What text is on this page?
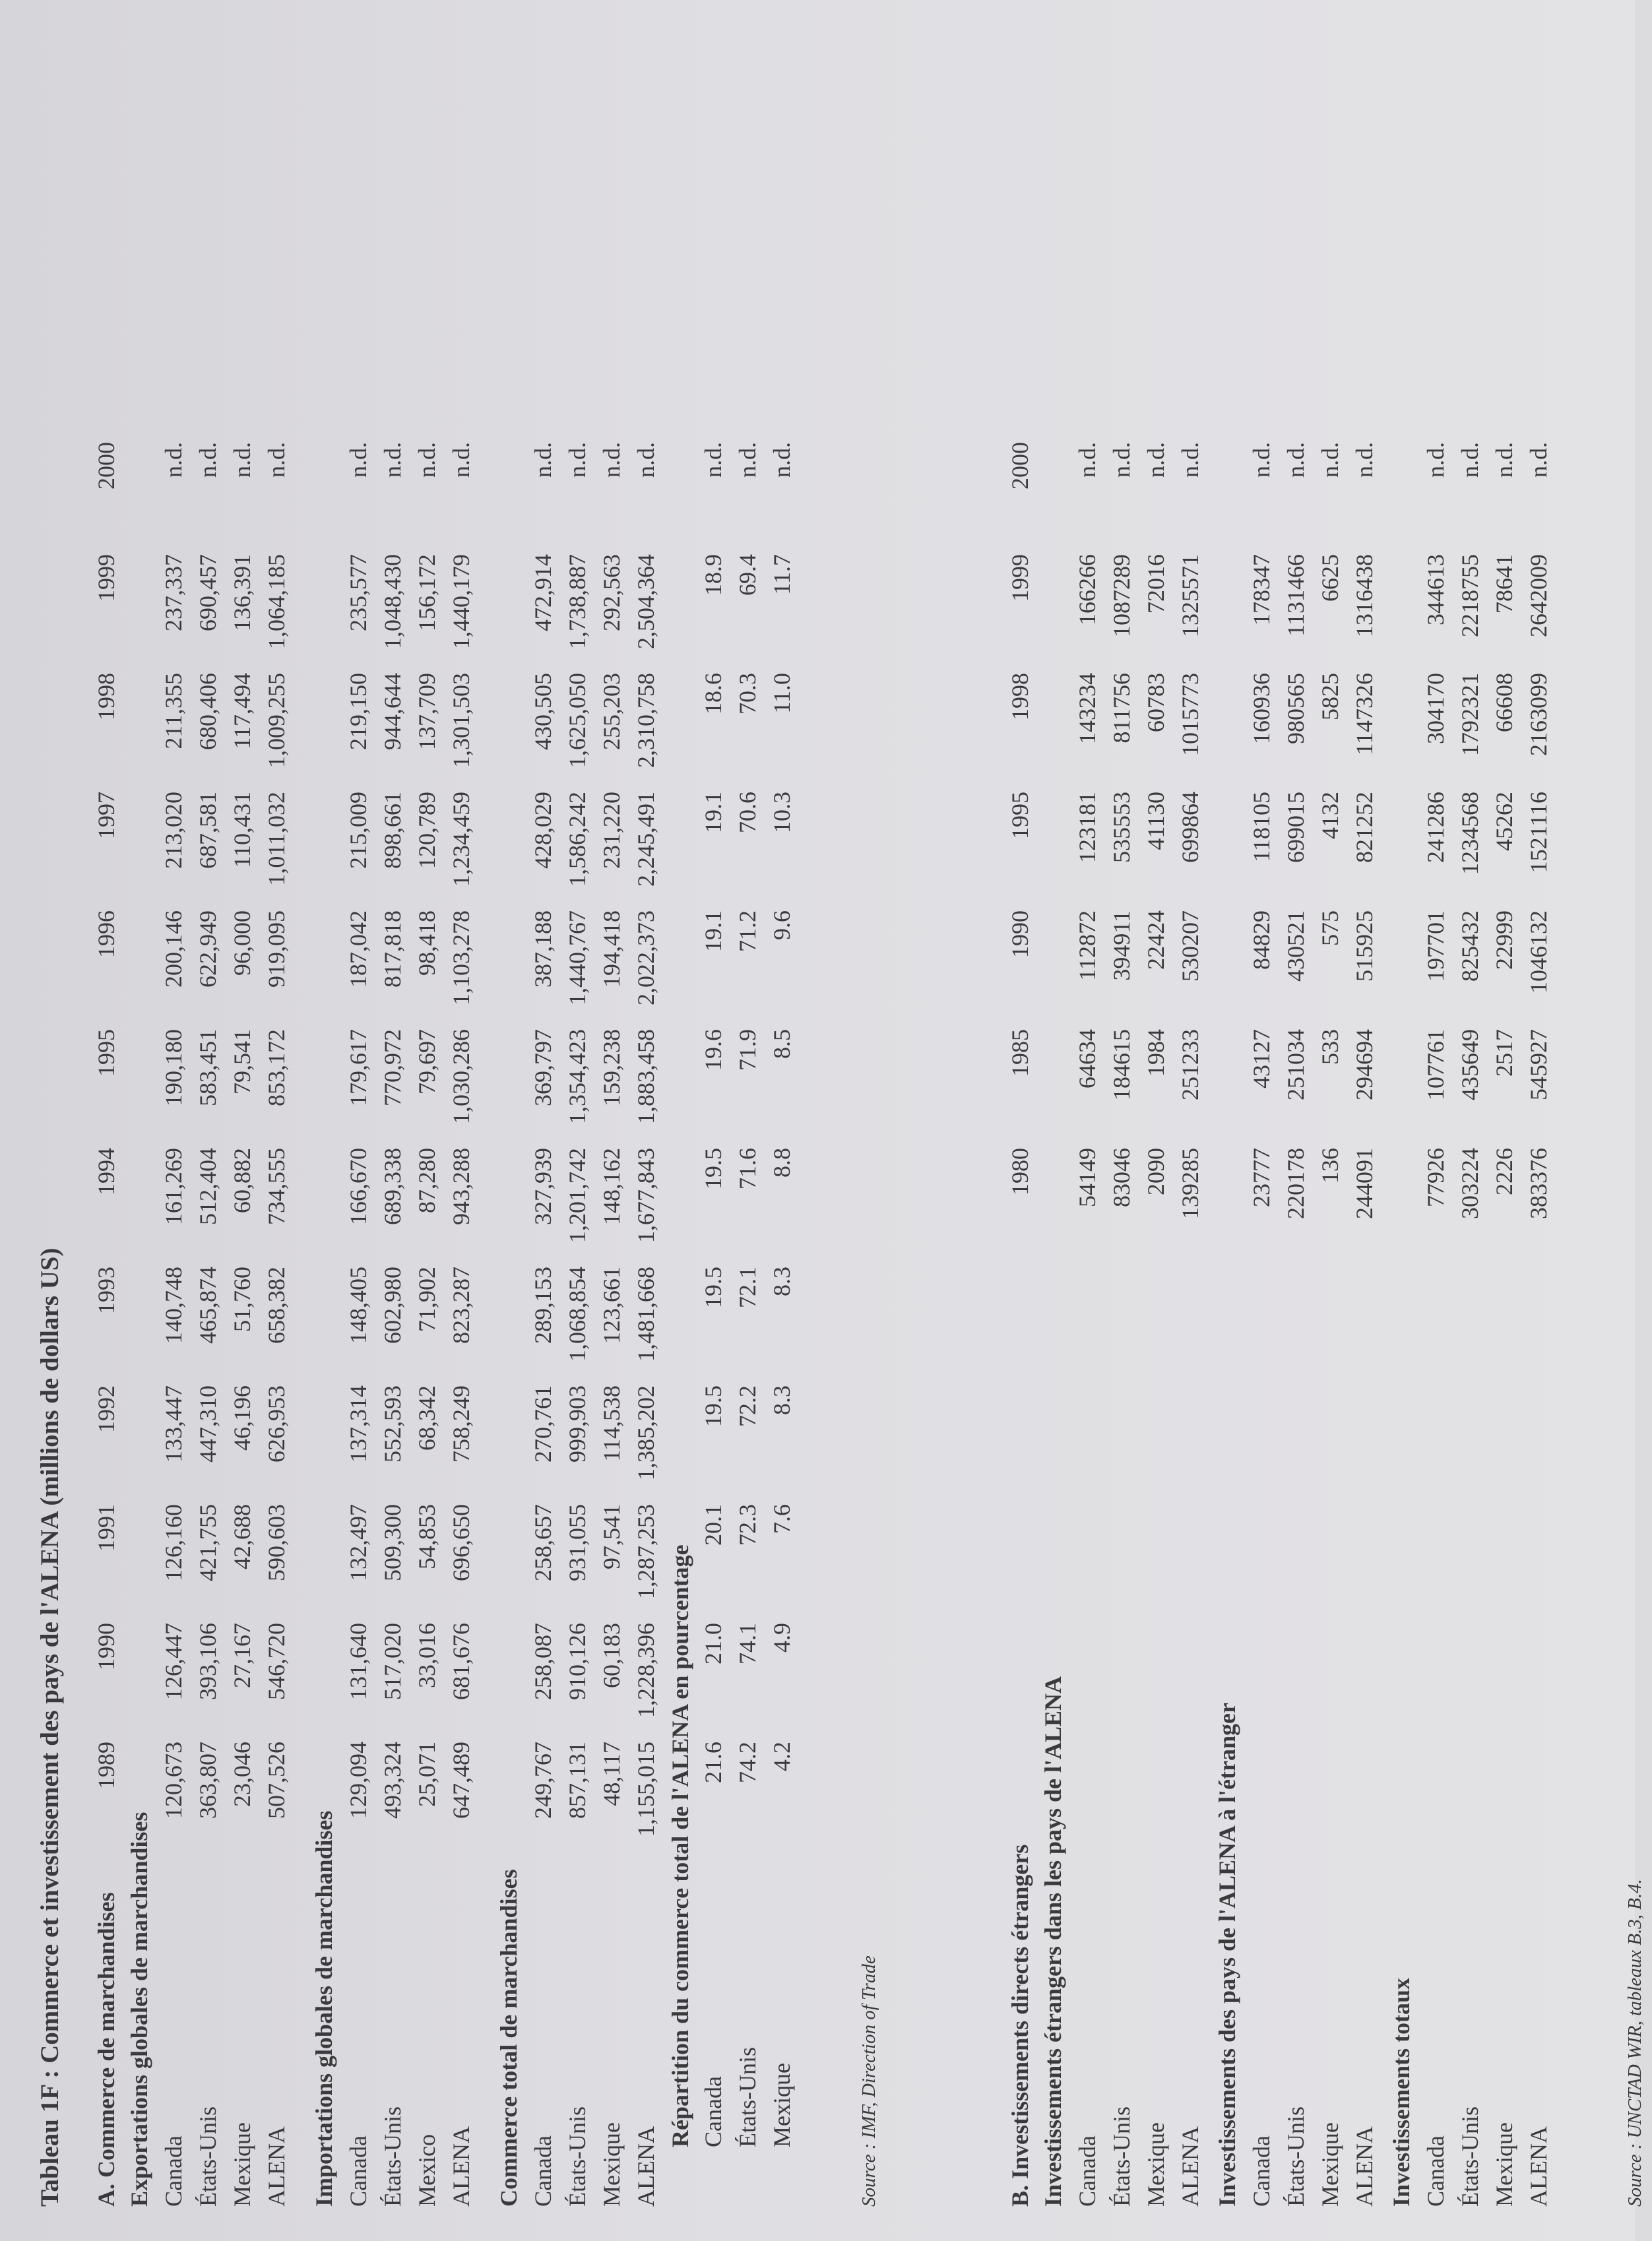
Tableau 1F : Commerce et investissement des pays de l'ALENA (millions de dollars US) A. Commerce de marchandises
1989
1990
1991
1992
1993
1994
1995
1996
1997
1998
1999
2000
Exportations globales de marchandises Canada
120,673
126,447
126,160
133,447
140,748
161,269
190,180
200,146
213,020
211,355
237,337
n.d.
États-Unis
363,807
393,106
421,755
447,310
465,874
512,404
583,451
622,949
687,581
680,406
690,457
n.d.
Mexique
23,046
27,167
42,688
46,196
51,760
60,882
79,541
96,000
110,431
117,494
136,391
n.d.
ALENA
507,526
546,720
590,603
626,953
658,382
734,555
853,172
919,095
1,011,032
1,009,255
1,064,185
n.d.
Importations globales de marchandises Canada
129,094
131,640
132,497
137,314
148,405
166,670
179,617
187,042
215,009
219,150
235,577
n.d.
États-Unis
493,324
517,020
509,300
552,593
602,980
689,338
770,972
817,818
898,661
944,644
1,048,430
n.d.
Mexico
25,071
33,016
54,853
68,342
71,902
87,280
79,697
98,418
120,789
137,709
156,172
n.d.
ALENA
647,489
681,676
696,650
758,249
823,287
943,288
1,030,286
1,103,278
1,234,459
1,301,503
1,440,179
n.d.
Commerce total de marchandises Canada
249,767
258,087
258,657
270,761
289,153
327,939
369,797
387,188
428,029
430,505
472,914
n.d.
États-Unis
857,131
910,126
931,055
999,903
1,068,854
1,201,742
1,354,423
1,440,767
1,586,242
1,625,050
1,738,887
n.d.
Mexique
48,117
60,183
97,541
114,538
123,661
148,162
159,238
194,418
231,220
255,203
292,563
n.d.
ALENA
1,155,015
1,228,396
1,287,253
1,385,202
1,481,668
1,677,843
1,883,458
2,022,373
2,245,491
2,310,758
2,504,364
n.d.
Répartition du commerce total de l'ALENA en pourcentage Canada
21.6
21.0
20.1
19.5
19.5
19.5
19.6
19.1
19.1
18.6
18.9
n.d.
États-Unis
74.2
74.1
72.3
72.2
72.1
71.6
71.9
71.2
70.6
70.3
69.4
n.d.
Mexique
4.2
4.9
7.6
8.3
8.3
8.8
8.5
9.6
10.3
11.0
11.7
n.d.
Source : IMF, Direction of Trade	B. Investissements directs étrangers
1980
1985
1990
1995
1998
1999
2000
Investissements étrangers dans les pays de l'ALENA Canada
54149
64634
112872
123181
143234
166266
n.d.
États-Unis
83046
184615
394911
535553
811756
1087289
n.d.
Mexique
2090
1984
22424
41130
60783
72016
n.d.
ALENA
139285
251233
530207
699864
1015773
1325571
n.d.
Investissements des pays de l'ALENA à l'étranger Canada
23777
43127
84829
118105
160936
178347
n.d.
États-Unis
220178
251034
430521
699015
980565
1131466
n.d.
Mexique
136
533
575
4132
5825
6625
n.d.
ALENA
244091
294694
515925
821252
1147326
1316438
n.d.
Investissements totaux Canada
77926
107761
197701
241286
304170
344613
n.d.
États-Unis
303224
435649
825432
1234568
1792321
2218755
n.d.
Mexique
2226
2517
22999
45262
66608
78641
n.d.
ALENA
383376
545927
1046132
1521116
2163099
2642009
n.d.
Source : UNCTAD WIR, tableaux B.3, B.4.
